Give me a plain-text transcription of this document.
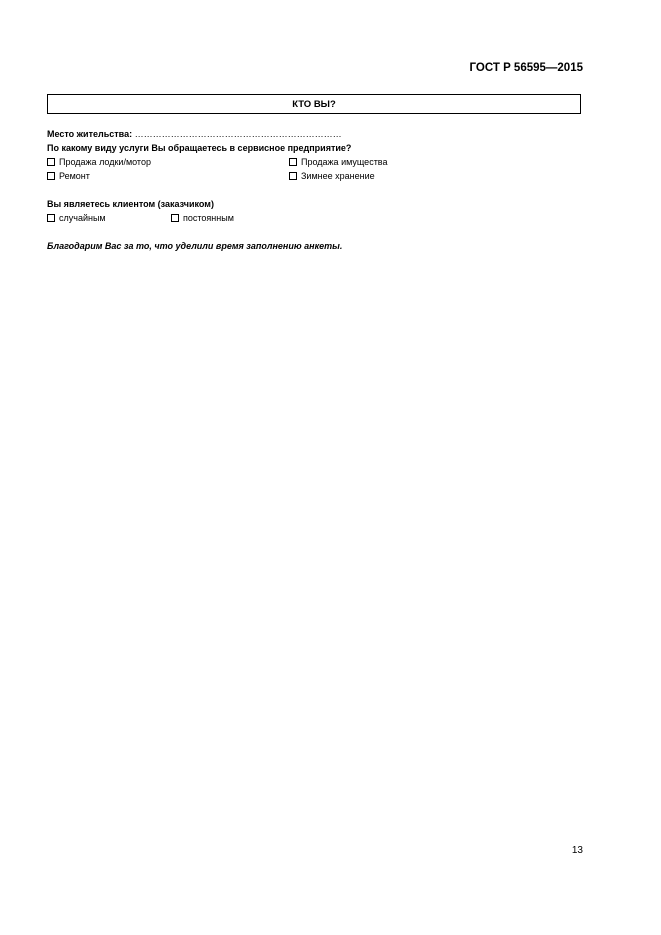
ГОСТ Р 56595—2015
КТО ВЫ?
Место жительства: ……………………………………………………………
По какому виду услуги Вы обращаетесь в сервисное предприятие?
Продажа лодки/мотор	Продажа имущества
Ремонт	Зимнее хранение
Вы являетесь клиентом (заказчиком)
случайным	постоянным
Благодарим Вас за то, что уделили время заполнению анкеты.
13
